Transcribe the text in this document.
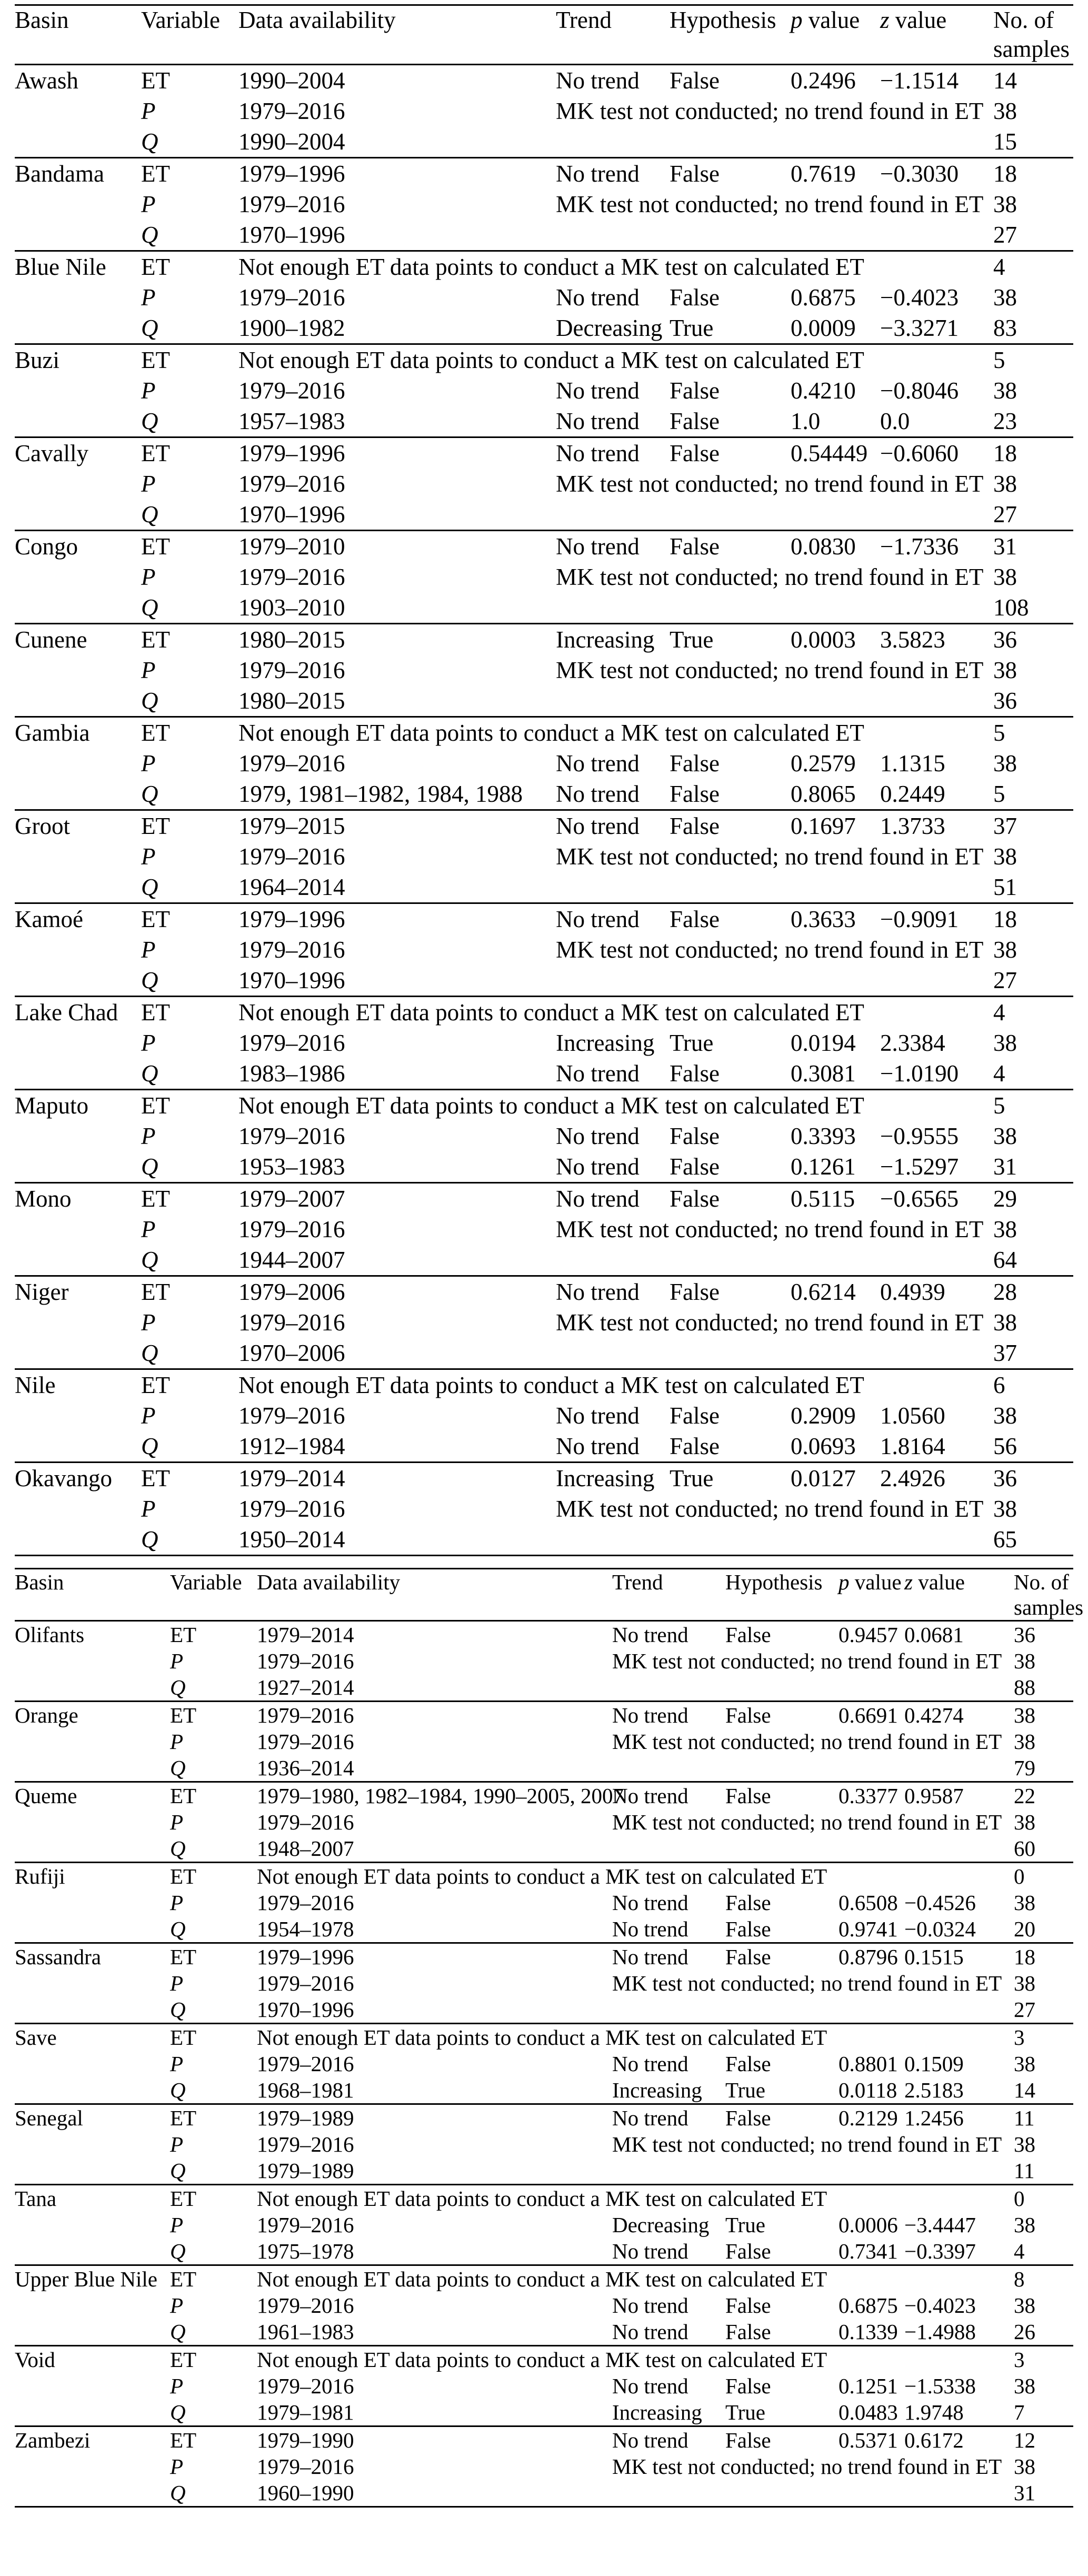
Basin	Variable	Data availability	Trend	Hypothesis	p value	z value	No. of
samples

Awash	ET	1990–2004	No trend	False	0.2496	−1.1514	14
	P	1979–2016	MK test not conducted; no trend found in ET				38
	Q	1990–2004					15
Bandama	ET	1979–1996	No trend	False	0.7619	−0.3030	18
	P	1979–2016	MK test not conducted; no trend found in ET				38
	Q	1970–1996					27
Blue Nile	ET	Not enough ET data points to conduct a MK test on calculated ET					4
	P	1979–2016	No trend	False	0.6875	−0.4023	38
	Q	1900–1982	Decreasing	True	0.0009	−3.3271	83
Buzi	ET	Not enough ET data points to conduct a MK test on calculated ET					5
	P	1979–2016	No trend	False	0.4210	−0.8046	38
	Q	1957–1983	No trend	False	1.0	0.0	23
Cavally	ET	1979–1996	No trend	False	0.54449	−0.6060	18
	P	1979–2016	MK test not conducted; no trend found in ET				38
	Q	1970–1996					27
Congo	ET	1979–2010	No trend	False	0.0830	−1.7336	31
	P	1979–2016	MK test not conducted; no trend found in ET				38
	Q	1903–2010					108
Cunene	ET	1980–2015	Increasing	True	0.0003	3.5823	36
	P	1979–2016	MK test not conducted; no trend found in ET				38
	Q	1980–2015					36
Gambia	ET	Not enough ET data points to conduct a MK test on calculated ET					5
	P	1979–2016	No trend	False	0.2579	1.1315	38
	Q	1979, 1981–1982, 1984, 1988	No trend	False	0.8065	0.2449	5
Groot	ET	1979–2015	No trend	False	0.1697	1.3733	37
	P	1979–2016	MK test not conducted; no trend found in ET				38
	Q	1964–2014					51
Kamoé	ET	1979–1996	No trend	False	0.3633	−0.9091	18
	P	1979–2016	MK test not conducted; no trend found in ET				38
	Q	1970–1996					27
Lake Chad	ET	Not enough ET data points to conduct a MK test on calculated ET					4
	P	1979–2016	Increasing	True	0.0194	2.3384	38
	Q	1983–1986	No trend	False	0.3081	−1.0190	4
Maputo	ET	Not enough ET data points to conduct a MK test on calculated ET					5
	P	1979–2016	No trend	False	0.3393	−0.9555	38
	Q	1953–1983	No trend	False	0.1261	−1.5297	31
Mono	ET	1979–2007	No trend	False	0.5115	−0.6565	29
	P	1979–2016	MK test not conducted; no trend found in ET				38
	Q	1944–2007					64
Niger	ET	1979–2006	No trend	False	0.6214	0.4939	28
	P	1979–2016	MK test not conducted; no trend found in ET				38
	Q	1970–2006					37
Nile	ET	Not enough ET data points to conduct a MK test on calculated ET					6
	P	1979–2016	No trend	False	0.2909	1.0560	38
	Q	1912–1984	No trend	False	0.0693	1.8164	56
Okavango	ET	1979–2014	Increasing	True	0.0127	2.4926	36
	P	1979–2016	MK test not conducted; no trend found in ET				38
	Q	1950–2014					65
Basin	Variable	Data availability	Trend	Hypothesis	p value	z value	No. of
samples

Olifants	ET	1979–2014	No trend	False	0.9457	0.0681	36
	P	1979–2016	MK test not conducted; no trend found in ET				38
	Q	1927–2014					88
Orange	ET	1979–2016	No trend	False	0.6691	0.4274	38
	P	1979–2016	MK test not conducted; no trend found in ET				38
	Q	1936–2014					79
Queme	ET	1979–1980, 1982–1984, 1990–2005, 2007	No trend	False	0.3377	0.9587	22
	P	1979–2016	MK test not conducted; no trend found in ET				38
	Q	1948–2007					60
Rufiji	ET	Not enough ET data points to conduct a MK test on calculated ET					0
	P	1979–2016	No trend	False	0.6508	−0.4526	38
	Q	1954–1978	No trend	False	0.9741	−0.0324	20
Sassandra	ET	1979–1996	No trend	False	0.8796	0.1515	18
	P	1979–2016	MK test not conducted; no trend found in ET				38
	Q	1970–1996					27
Save	ET	Not enough ET data points to conduct a MK test on calculated ET					3
	P	1979–2016	No trend	False	0.8801	0.1509	38
	Q	1968–1981	Increasing	True	0.0118	2.5183	14
Senegal	ET	1979–1989	No trend	False	0.2129	1.2456	11
	P	1979–2016	MK test not conducted; no trend found in ET				38
	Q	1979–1989					11
Tana	ET	Not enough ET data points to conduct a MK test on calculated ET					0
	P	1979–2016	Decreasing	True	0.0006	−3.4447	38
	Q	1975–1978	No trend	False	0.7341	−0.3397	4
Upper Blue Nile	ET	Not enough ET data points to conduct a MK test on calculated ET					8
	P	1979–2016	No trend	False	0.6875	−0.4023	38
	Q	1961–1983	No trend	False	0.1339	−1.4988	26
Void	ET	Not enough ET data points to conduct a MK test on calculated ET					3
	P	1979–2016	No trend	False	0.1251	−1.5338	38
	Q	1979–1981	Increasing	True	0.0483	1.9748	7
Zambezi	ET	1979–1990	No trend	False	0.5371	0.6172	12
	P	1979–2016	MK test not conducted; no trend found in ET				38
	Q	1960–1990					31
